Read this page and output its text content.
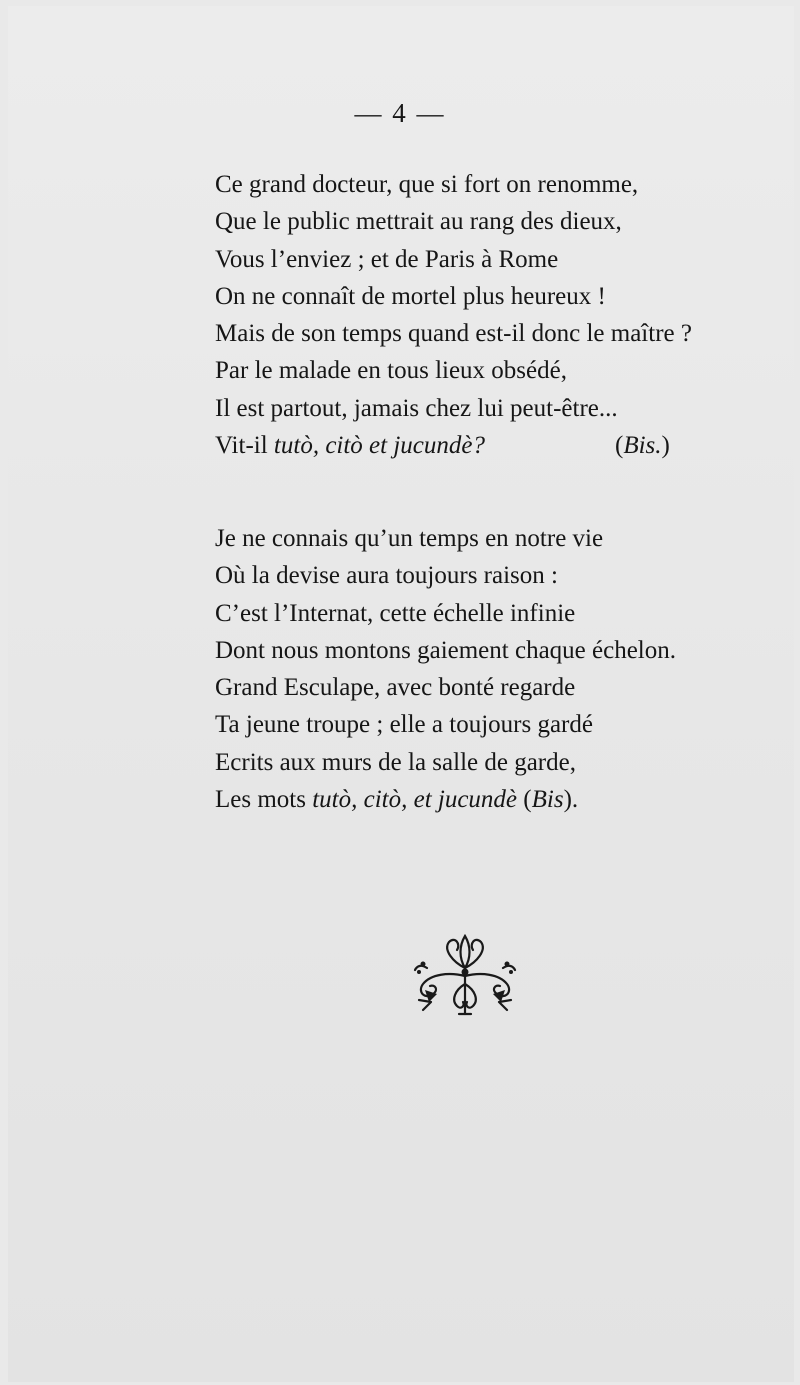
— 4 —
Ce grand docteur, que si fort on renomme,
Que le public mettrait au rang des dieux,
Vous l’enviez ; et de Paris à Rome
On ne connaît de mortel plus heureux !
Mais de son temps quand est-il donc le maître ?
Par le malade en tous lieux obsédé,
Il est partout, jamais chez lui peut-être...
Vit-il tutò, citò et jucundè?	(Bis.)
Je ne connais qu’un temps en notre vie
Où la devise aura toujours raison :
C’est l’Internat, cette échelle infinie
Dont nous montons gaiement chaque échelon.
Grand Esculape, avec bonté regarde
Ta jeune troupe ; elle a toujours gardé
Ecrits aux murs de la salle de garde,
Les mots tutò, citò, et jucundè (Bis).
